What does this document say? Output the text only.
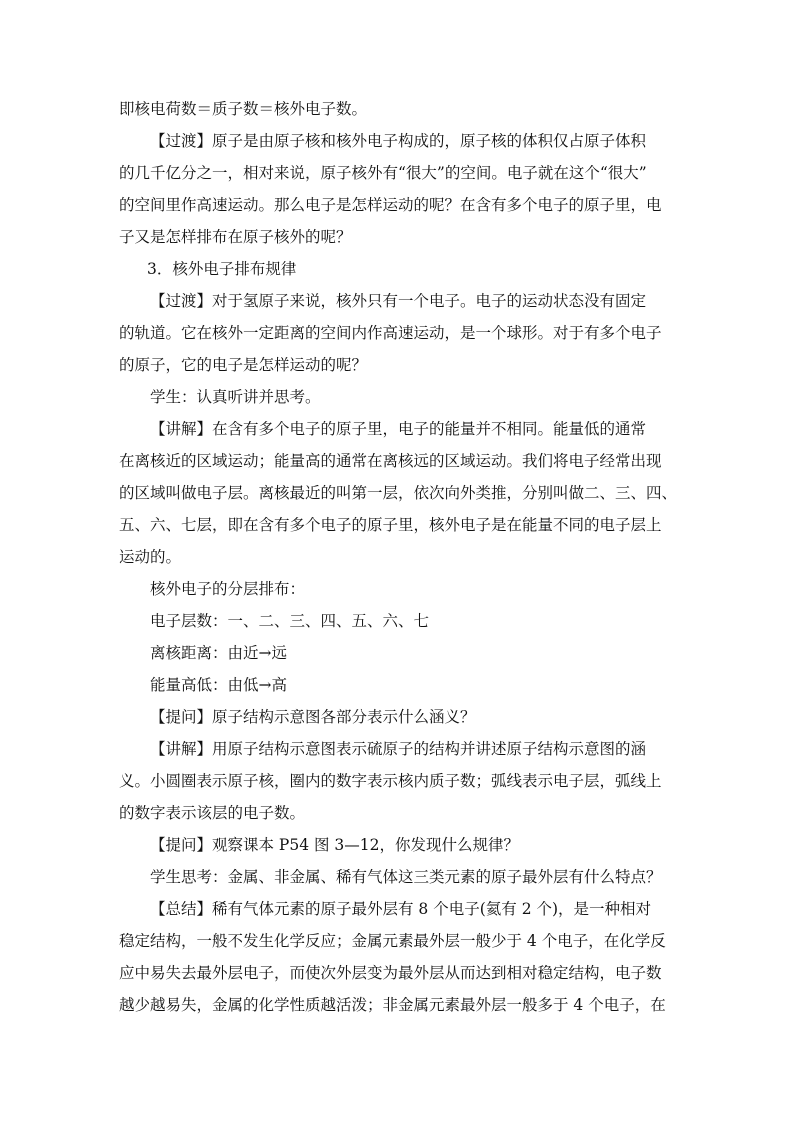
即核电荷数＝质子数＝核外电子数。
【过渡】原子是由原子核和核外电子构成的，原子核的体积仅占原子体积
的几千亿分之一，相对来说，原子核外有“很大”的空间。电子就在这个“很大”
的空间里作高速运动。那么电子是怎样运动的呢？在含有多个电子的原子里，电
子又是怎样排布在原子核外的呢？
3．核外电子排布规律
【过渡】对于氢原子来说，核外只有一个电子。电子的运动状态没有固定
的轨道。它在核外一定距离的空间内作高速运动，是一个球形。对于有多个电子
的原子，它的电子是怎样运动的呢？
学生：认真听讲并思考。
【讲解】在含有多个电子的原子里，电子的能量并不相同。能量低的通常
在离核近的区域运动；能量高的通常在离核远的区域运动。我们将电子经常出现
的区域叫做电子层。离核最近的叫第一层，依次向外类推，分别叫做二、三、四、
五、六、七层，即在含有多个电子的原子里，核外电子是在能量不同的电子层上
运动的。
核外电子的分层排布：
电子层数：一、二、三、四、五、六、七
离核距离：由近→远
能量高低：由低→高
【提问】原子结构示意图各部分表示什么涵义？
【讲解】用原子结构示意图表示硫原子的结构并讲述原子结构示意图的涵
义。小圆圈表示原子核，圈内的数字表示核内质子数；弧线表示电子层，弧线上
的数字表示该层的电子数。
【提问】观察课本 P54 图 3—12，你发现什么规律？
学生思考：金属、非金属、稀有气体这三类元素的原子最外层有什么特点？
【总结】稀有气体元素的原子最外层有 8 个电子(氦有 2 个)，是一种相对
稳定结构，一般不发生化学反应；金属元素最外层一般少于 4 个电子，在化学反
应中易失去最外层电子，而使次外层变为最外层从而达到相对稳定结构，电子数
越少越易失，金属的化学性质越活泼；非金属元素最外层一般多于 4 个电子，在
